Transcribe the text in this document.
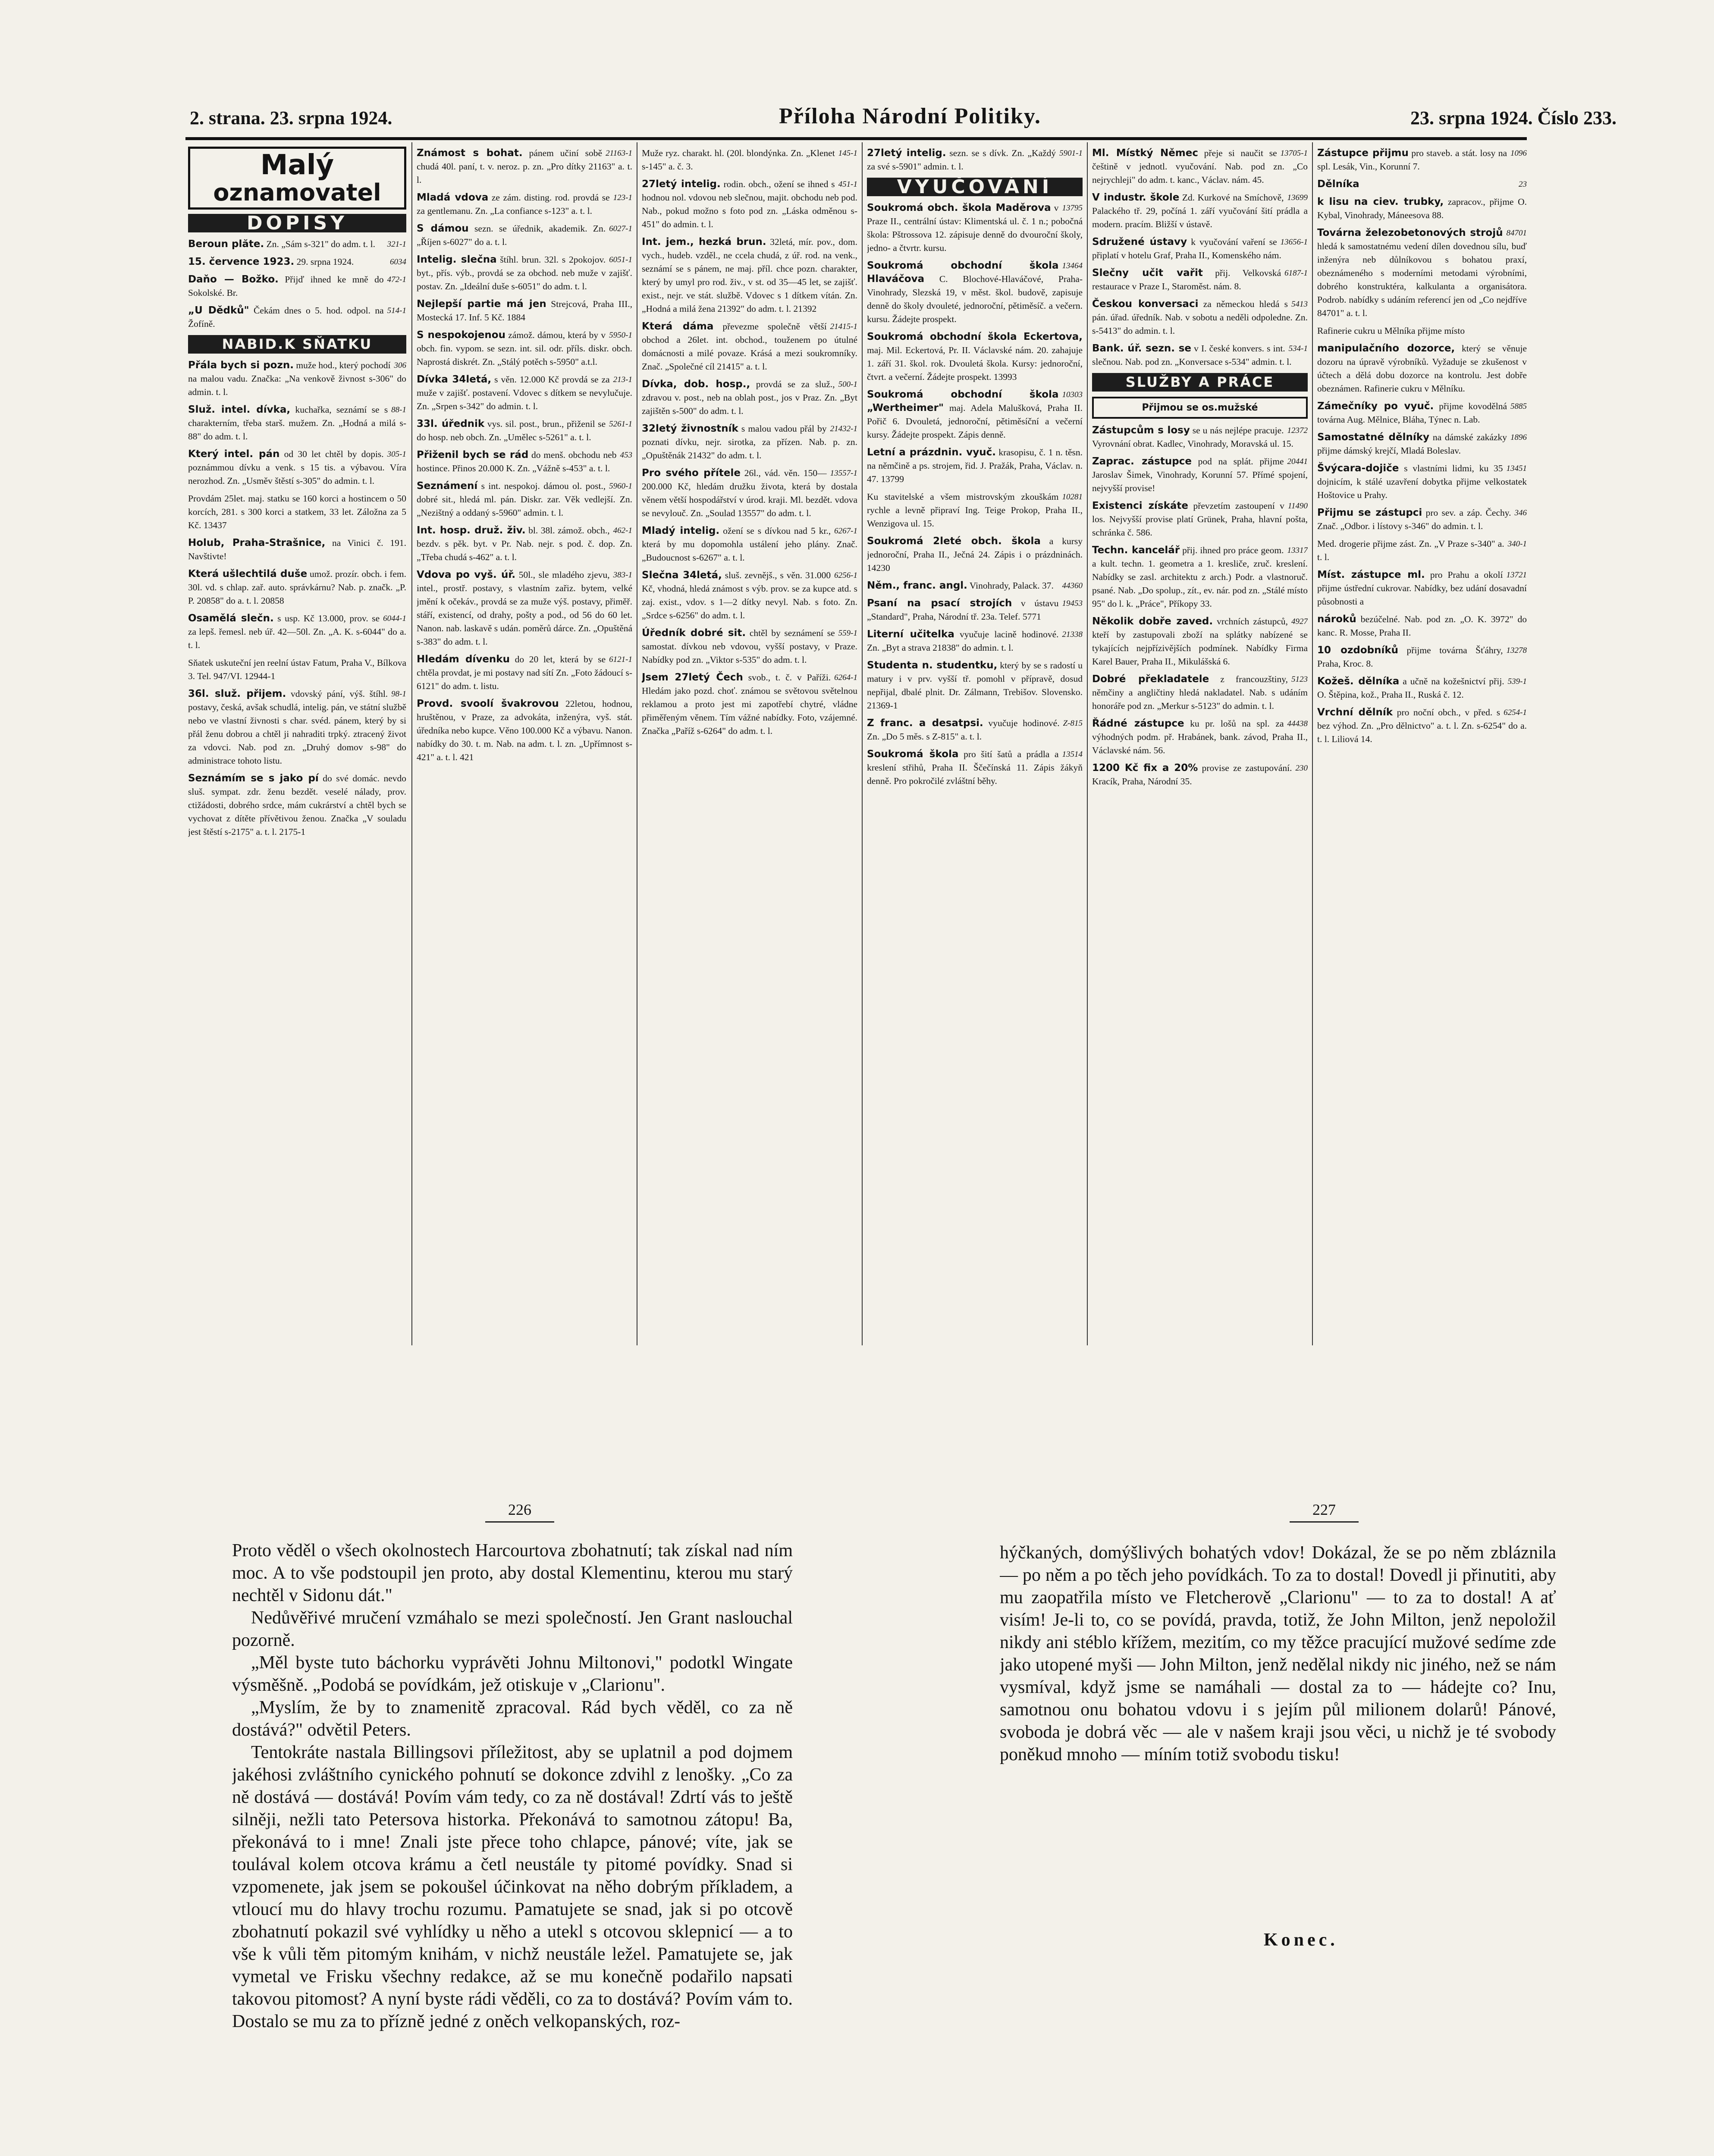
2. strana. 23. srpna 1924.	Příloha Národní Politiky.	23. srpna 1924. Číslo 233.
Malý
oznamovatel
DOPISY
321-1
Beroun plăte. Zn. „Sám s-321" do adm. t. l.
6034
15. července 1923. 29. srpna 1924.
472-1
Daňo — Božko. Přijď ihned ke mně do Sokolské. Br.
514-1
„U Dědků" Čekám dnes o 5. hod. odpol. na Žofíně.
NABID.K SŇATKU
306
Přála bych si pozn. muže hod., který pochodí na malou vadu. Značka: „Na venkově živnost s-306" do admin. t. l.
88-1
Služ. intel. dívka, kuchařka, seznámí se s charakterním, třeba starš. mužem. Zn. „Hodná a milá s-88" do adm. t. l.
305-1
Který intel. pán od 30 let chtěl by dopis. poznámmou dívku a venk. s 15 tis. a výbavou. Víra nerozhod. Zn. „Usměv štěstí s-305" do admin. t. l.
Provdám 25let. maj. statku se 160 korci a hostincem o 50 korcích, 281. s 300 korci a statkem, 33 let. Záložna za 5 Kč. 13437
Holub, Praha-Strašnice, na Vinici č. 191. Navštivte!
Která ušlechtilá duše umož. prozír. obch. i fem. 30l. vd. s chlap. zař. auto. správkárnu? Nab. p. značk. „P. P. 20858" do a. t. l. 20858
6044-1
Osamělá slečn. s usp. Kč 13.000, prov. se za lepš. řemesl. neb úř. 42—50l. Zn. „A. K. s-6044" do a. t. l.
Sňatek uskuteční jen reelní ústav Fatum, Praha V., Bílkova 3. Tel. 947/VI. 12944-1
98-1
36l. služ. přijem. vdovský pání, výš. štíhl. postavy, česká, avšak schudlá, intelig. pán, ve státní službě nebo ve vlastní živnosti s char. svéd. pánem, který by si přál ženu dobrou a chtěl ji nahraditi trpký. ztracený život za vdovci. Nab. pod zn. „Druhý domov s-98" do administrace tohoto listu.
Seznámím se s jako pí do své domác. nevdo sluš. sympat. zdr. ženu bezdět. veselé nálady, prov. ctižádosti, dobrého srdce, mám cukrárství a chtěl bych se vychovat z dítěte přívětivou ženou. Značka „V souladu jest štěstí s-2175" a. t. l. 2175-1
21163-1
Známost s bohat. pánem učiní sobě chudá 40l. paní, t. v. neroz. p. zn. „Pro dítky 21163" a. t. l.
123-1
Mladá vdova ze zám. disting. rod. provdá se za gentlemanu. Zn. „La confiance s-123" a. t. l.
6027-1
S dámou sezn. se úřednik, akademik. Zn. „Říjen s-6027" do a. t. l.
6051-1
Intelig. slečna štíhl. brun. 32l. s 2pokojov. byt., přís. výb., provdá se za obchod. neb muže v zajišť. postav. Zn. „Ideální duše s-6051" do adm. t. l.
Nejlepší partie má jen Strejcová, Praha III., Mostecká 17. Inf. 5 Kč. 1884
5950-1
S nespokojenou zámož. dámou, která by v obch. fin. vypom. se sezn. int. sil. odr. příls. diskr. obch. Naprostá diskrét. Zn. „Stálý potěch s-5950" a.t.l.
213-1
Dívka 34letá, s věn. 12.000 Kč provdá se za muže v zajišť. postavení. Vdovec s dítkem se nevylučuje. Zn. „Srpen s-342" do admin. t. l.
5261-1
33l. úřednik vys. sil. post., brun., přiženil se do hosp. neb obch. Zn. „Umělec s-5261" a. t. l.
453
Přiženil bych se rád do menš. obchodu neb hostince. Přinos 20.000 K. Zn. „Vážně s-453" a. t. l.
5960-1
Seznámení s int. nespokoj. dámou ol. post., dobré sit., hledá ml. pán. Diskr. zar. Věk vedlejší. Zn. „Nezištný a oddaný s-5960" admin. t. l.
462-1
Int. hosp. druž. živ. bl. 38l. zámož. obch., bezdv. s pěk. byt. v Pr. Nab. nejr. s pod. č. dop. Zn. „Třeba chudá s-462" a. t. l.
383-1
Vdova po vyš. úř. 50l., sle mladého zjevu, intel., prostř. postavy, s vlastním zařiz. bytem, velké jmění k očekáv., provdá se za muže výš. postavy, přiměř. stáří, existencí, od drahy, pošty a pod., od 56 do 60 let. Nanon. nab. laskavě s udán. poměrů dárce. Zn. „Opuštěná s-383" do adm. t. l.
6121-1
Hledám dívenku do 20 let, která by se chtěla provdat, je mi postavy nad sítí Zn. „Foto žádoucí s-6121" do adm. t. listu.
Provd. svoolí švakrovou 22letou, hodnou, hruštěnou, v Praze, za advokáta, inženýra, vyš. stát. úředníka nebo kupce. Věno 100.000 Kč a výbavu. Nanon. nabídky do 30. t. m. Nab. na adm. t. l. zn. „Upřímnost s-421" a. t. l. 421
145-1
Muže ryz. charakt. hl. (20l. blondýnka. Zn. „Klenet s-145" a. č. 3.
451-1
27letý intelig. rodin. obch., ožení se ihned s hodnou nol. vdovou neb slečnou, majit. obchodu neb pod. Nab., pokud možno s foto pod zn. „Láska odměnou s-451" do admin. t. l.
Int. jem., hezká brun. 32letá, mír. pov., dom. vych., hudeb. vzděl., ne ccela chudá, z úř. rod. na venk., seznámí se s pánem, ne maj. příl. chce pozn. charakter, který by umyl pro rod. živ., v st. od 35—45 let, se zajišť. exist., nejr. ve stát. službě. Vdovec s 1 dítkem vítán. Zn. „Hodná a milá žena 21392" do adm. t. l. 21392
21415-1
Která dáma převezme společně větší obchod a 26let. int. obchod., touženem po útulné domácnosti a milé povaze. Krásá a mezi soukromníky. Znač. „Společné cíl 21415" a. t. l.
500-1
Dívka, dob. hosp., provdá se za služ., zdravou v. post., neb na oblah post., jos v Praz. Zn. „Byt zajištěn s-500" do adm. t. l.
21432-1
32letý živnostník s malou vadou přál by poznati dívku, nejr. sirotka, za přízen. Nab. p. zn. „Opuštěnák 21432" do adm. t. l.
13557-1
Pro svého přítele 26l., vád. věn. 150—200.000 Kč, hledám družku života, která by dostala věnem větší hospodářství v úrod. kraji. Ml. bezdět. vdova se nevylouč. Zn. „Soulad 13557" do adm. t. l.
6267-1
Mladý intelig. ožení se s dívkou nad 5 kr., která by mu dopomohla ustálení jeho plány. Znač. „Budoucnost s-6267" a. t. l.
6256-1
Slečna 34letá, sluš. zevnějš., s věn. 31.000 Kč, vhodná, hledá známost s výb. prov. se za kupce atd. s zaj. exist., vdov. s 1—2 dítky nevyl. Nab. s foto. Zn. „Srdce s-6256" do adm. t. l.
559-1
Úředník dobré sit. chtěl by seznámení se samostat. dívkou neb vdovou, vyšší postavy, v Praze. Nabídky pod zn. „Viktor s-535" do adm. t. l.
6264-1
Jsem 27letý Čech svob., t. č. v Paříži. Hledám jako pozd. choť. známou se světovou světelnou reklamou a proto jest mi zapotřebí chytré, vládne přiměřeným věnem. Tím vážné nabídky. Foto, vzájemné. Značka „Paříž s-6264" do adm. t. l.
5901-1
27letý intelig. sezn. se s dívk. Zn. „Každý za své s-5901" admin. t. l.
VYUČOVÁNÍ
13795
Soukromá obch. škola Maděrova v Praze II., centrální ústav: Klimentská ul. č. 1 n.; pobočná škola: Pštrossova 12. zápisuje denně do dvouroční školy, jedno- a čtvrtr. kursu.
13464
Soukromá obchodní škola Hlaváčova C. Blochové-Hlaváčové, Praha-Vinohrady, Slezská 19, v měst. škol. budově, zapisuje denně do školy dvouleté, jednoroční, pětiměsíč. a večern. kursu. Žádejte prospekt.
Soukromá obchodní škola Eckertova, maj. Mil. Eckertová, Pr. II. Václavské nám. 20. zahajuje 1. září 31. škol. rok. Dvouletá škola. Kursy: jednoroční, čtvrt. a večerní. Žádejte prospekt. 13993
10303
Soukromá obchodní škola „Wertheimer" maj. Adela Malušková, Praha II. Pořič 6. Dvouletá, jednoroční, pětiměsíční a večerní kursy. Žádejte prospekt. Zápis denně.
Letní a prázdnin. vyuč. krasopisu, č. 1 n. těsn. na němčině a ps. strojem, řid. J. Pražák, Praha, Václav. n. 47. 13799
10281
Ku stavitelské a všem mistrovským zkouškám rychle a levně připraví Ing. Teige Prokop, Praha II., Wenzigova ul. 15.
Soukromá 2leté obch. škola a kursy jednoroční, Praha II., Ječná 24. Zápis i o prázdninách. 14230
44360
Něm., franc. angl. Vinohrady, Palack. 37.
19453
Psaní na psací strojích v ústavu „Standard", Praha, Národní tř. 23a. Telef. 5771
21338
Literní učitelka vyučuje lacině hodinové. Zn. „Byt a strava 21838" do admin. t. l.
Studenta n. studentku, který by se s radostí u matury i v prv. vyšší tř. pomohl v přípravě, dosud nepřijal, dbalé plnit. Dr. Zálmann, Trebišov. Slovensko. 21369-1
Z-815
Z franc. a desatpsi. vyučuje hodinové. Zn. „Do 5 měs. s Z-815" a. t. l.
13514
Soukromá škola pro šití šatů a prádla a kreslení střihů, Praha II. Ščečínská 11. Zápis žákyň denně. Pro pokročilé zvláštní běhy.
13705-1
Ml. Místký Němec přeje si naučit se češtině v jednotl. vyučování. Nab. pod zn. „Co nejrychleji" do adm. t. kanc., Václav. nám. 45.
13699
V industr. škole Zd. Kurkové na Smíchově, Palackého tř. 29, počíná 1. září vyučování šití prádla a modern. pracím. Bližší v ústavě.
13656-1
Sdružené ústavy k vyučování vaření se připlatí v hotelu Graf, Praha II., Komenského nám.
6187-1
Slečny učit vařit přij. Velkovská restaurace v Praze I., Staroměst. nám. 8.
5413
Českou konversaci za německou hledá s pán. úřad. úředník. Nab. v sobotu a neděli odpoledne. Zn. s-5413" do admin. t. l.
534-1
Bank. úř. sezn. se v I. české konvers. s int. slečnou. Nab. pod zn. „Konversace s-534" admin. t. l.
SLUŽBY A PRÁCE
Přijmou se os.mužské
12372
Zástupcům s losy se u nás nejlépe pracuje. Vyrovnání obrat. Kadlec, Vinohrady, Moravská ul. 15.
20441
Zaprac. zástupce pod na splát. přijme Jaroslav Šimek, Vinohrady, Korunní 57. Přímé spojení, nejvyšší provise!
11490
Existenci získáte převzetím zastoupení v los. Nejvyšší provise platí Grünek, Praha, hlavní pošta, schránka č. 586.
13317
Techn. kancelář přij. ihned pro práce geom. a kult. techn. 1. geometra a 1. kresliče, zruč. kreslení. Nabídky se zasl. architektu z arch.) Podr. a vlastnoruč. psané. Nab. „Do spolup., zít., ev. nár. pod zn. „Stálé místo 95" do l. k. „Práce", Příkopy 33.
4927
Několik dobře zaved. vrchních zástupců, kteří by zastupovali zboží na splátky nabízené se tykajících nejpřízivějších podmínek. Nabídky Firma Karel Bauer, Praha II., Mikulášská 6.
5123
Dobré překladatele z francouzštiny, němčiny a angličtiny hledá nakladatel. Nab. s udáním honoráře pod zn. „Merkur s-5123" do admin. t. l.
44438
Řádné zástupce ku pr. lošů na spl. za výhodných podm. př. Hrabánek, bank. závod, Praha II., Václavské nám. 56.
230
1200 Kč fix a 20% provise ze zastupování. Kracík, Praha, Národní 35.
1096
Zástupce přijmu pro staveb. a stát. losy na spl. Lesák, Vin., Korunní 7.
23
Dělníka
k lisu na ciev. trubky, zapracov., přijme O. Kybal, Vinohrady, Máneesova 88.
84701
Továrna železobetonových strojů hledá k samostatnému vedení dílen dovednou sílu, buď inženýra neb důlníkovou s bohatou praxí, obeznámeného s moderními metodami výrobními, dobrého konstruktéra, kalkulanta a organisátora. Podrob. nabídky s udáním referencí jen od „Co nejdříve 84701" a. t. l.
Rafinerie cukru u Mělníka přijme místo
manipulačního dozorce, který se věnuje dozoru na úpravě výrobníků. Vyžaduje se zkušenost v účtech a dělá dobu dozorce na kontrolu. Jest dobře obeznámen. Rafinerie cukru v Mělníku.
5885
Zámečníky po vyuč. přijme kovodělná továrna Aug. Mělnice, Bláha, Týnec n. Lab.
1896
Samostatné dělníky na dámské zakázky přijme dámský krejčí, Mladá Boleslav.
13451
Švýcara-dojiče s vlastními lidmi, ku 35 dojnicím, k stálé uzavření dobytka přijme velkostatek Hoštovice u Prahy.
346
Přijmu se zástupci pro sev. a záp. Čechy. Znač. „Odbor. i lístovy s-346" do admin. t. l.
340-1
Med. drogerie přijme zást. Zn. „V Praze s-340" a. t. l.
13721
Míst. zástupce ml. pro Prahu a okolí přijme ústřední cukrovar. Nabídky, bez udání dosavadní působnosti a
nároků bezúčelné. Nab. pod zn. „O. K. 3972" do kanc. R. Mosse, Praha II.
13278
10 ozdobníků přijme továrna Šťáhry, Praha, Kroc. 8.
539-1
Kožeš. dělníka a učně na kožešnictví přij. O. Štěpina, kož., Praha II., Ruská č. 12.
6254-1
Vrchní dělník pro noční obch., v před. s bez výhod. Zn. „Pro dělnictvo" a. t. l. Zn. s-6254" do a. t. l. Liliová 14.
226	227

Proto věděl o všech okolnostech Harcourtova zbohatnutí; tak získal nad ním moc. A to vše podstoupil jen proto, aby dostal Klementinu, kterou mu starý nechtěl v Sidonu dát."

Nedůvěřivé mručení vzmáhalo se mezi společností. Jen Grant naslouchal pozorně.

„Měl byste tuto báchorku vyprávěti Johnu Miltonovi," podotkl Wingate výsměšně. „Podobá se povídkám, jež otiskuje v „Clarionu".

„Myslím, že by to znamenitě zpracoval. Rád bych věděl, co za ně dostává?" odvětil Peters.

Tentokráte nastala Billingsovi příležitost, aby se uplatnil a pod dojmem jakéhosi zvláštního cynického pohnutí se dokonce zdvihl z lenošky. „Co za ně dostává — dostává! Povím vám tedy, co za ně dostával! Zdrtí vás to ještě silněji, nežli tato Petersova historka. Překonává to samotnou zátopu! Ba, překonává to i mne! Znali jste přece toho chlapce, pánové; víte, jak se toulával kolem otcova krámu a četl neustále ty pitomé povídky. Snad si vzpomenete, jak jsem se pokoušel účinkovat na něho dobrým příkladem, a vtloucí mu do hlavy trochu rozumu. Pamatujete se snad, jak si po otcově zbohatnutí pokazil své vyhlídky u něho a utekl s otcovou sklepnicí — a to vše k vůli těm pitomým knihám, v nichž neustále ležel. Pamatujete se, jak vymetal ve Frisku všechny redakce, až se mu konečně podařilo napsati takovou pitomost? A nyní byste rádi věděli, co za to dostává? Povím vám to. Dostalo se mu za to přízně jedné z oněch velkopanských, roz-

hýčkaných, domýšlivých bohatých vdov! Dokázal, že se po něm zbláznila — po něm a po těch jeho povídkách. To za to dostal! Dovedl ji přinutiti, aby mu zaopatřila místo ve Fletcherově „Clarionu" — to za to dostal! A ať visím! Je-li to, co se povídá, pravda, totiž, že John Milton, jenž nepoložil nikdy ani stéblo křížem, mezitím, co my těžce pracující mužové sedíme zde jako utopené myši — John Milton, jenž nedělal nikdy nic jiného, než se nám vysmíval, když jsme se namáhali — dostal za to — hádejte co? Inu, samotnou onu bohatou vdovu i s jejím půl milionem dolarů! Pánové, svoboda je dobrá věc — ale v našem kraji jsou věci, u nichž je té svobody poněkud mnoho — míním totiž svobodu tisku!

Konec.
